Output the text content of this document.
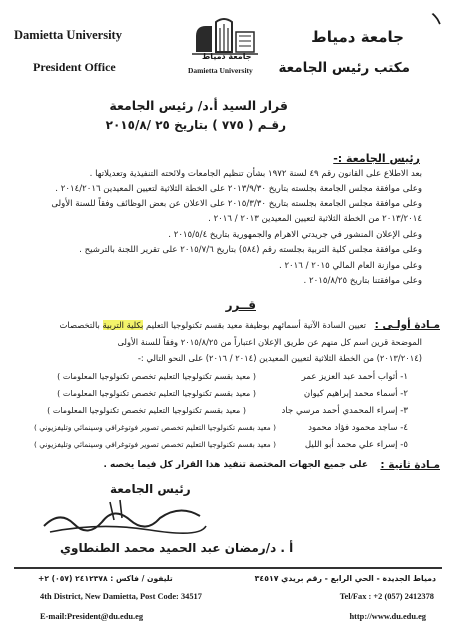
Damietta University
President Office
جامعة دمياط
مكتب رئيس الجامعة
١
جامعة دمياط
Damietta University
قرار السيد أ.د/ رئيس الجامعة
رقـم ( ٧٧٥ ) بتاريخ ٢٥ /٢٠١٥/٨
رئيس الجامعة :-
بعد الاطلاع على القانون رقم ٤٩ لسنة ١٩٧٢ بشأن تنظيم الجامعات ولائحته التنفيذية وتعديلاتها .
وعلى موافقة مجلس الجامعة بجلسته بتاريخ ٢٠١٣/٩/٣٠ على الخطة الثلاثية لتعيين المعيدين ٢٠١٤/٢٠١٦ .
وعلى موافقة مجلس الجامعة بجلسته بتاريخ ٢٠١٥/٣/٣٠ على الاعلان عن بعض الوظائف وفقاً للسنة الأولى
٢٠١٣/٢٠١٤ من الخطة الثلاثية لتعيين المعيدين ٢٠١٣ / ٢٠١٦ .
وعلى الإعلان المنشور في جريدتي الاهرام والجمهورية بتاريخ ٢٠١٥/٥/٤ .
وعلى موافقة مجلس كلية التربية بجلسته رقم (٥٨٤) بتاريخ ٢٠١٥/٧/٦ على تقرير اللجنة بالترشيح .
وعلى موازنة العام المالي ٢٠١٥ / ٢٠١٦ .
وعلى موافقتنا بتاريخ ٢٠١٥/٨/٢٥ .
قــرر
مـادة أولـى :
تعيين السادة الآتية أسمائهم بوظيفة معيد بقسم تكنولوجيا التعليم بكلية التربية بالتخصصات
الموضحة قرين اسم كل منهم عن طريق الإعلان اعتباراً من ٢٠١٥/٨/٢٥ وفقاً للسنة الأولى
(٢٠١٣/٢٠١٤) من الخطة الثلاثية لتعيين المعيدين (٢٠١٤ / ٢٠١٦) على النحو التالي :-
١- أثواب أحمد عبد العزيز عمر
( معيد بقسم تكنولوجيا التعليم تخصص تكنولوجيا المعلومات )
٢- أسماء محمد إبراهيم كيوان
( معيد بقسم تكنولوجيا التعليم تخصص تكنولوجيا المعلومات )
٣- إسراء المحمدي أحمد مرسي جاد
( معيد بقسم تكنولوجيا التعليم تخصص تكنولوجيا المعلومات )
٤- ساجد محمود فؤاد محمود
( معيد بقسم تكنولوجيا التعليم تخصص تصوير فوتوغرافي وسينمائي وتليفزيوني )
٥- إسراء علي محمد أبو الليل
( معيد بقسم تكنولوجيا التعليم تخصص تصوير فوتوغرافي وسينمائي وتليفزيوني )
مـادة ثانية :
على جميع الجهات المختصة تنفيذ هذا القرار كل فيما يخصه .
رئيس الجامعة
أ . د/رمضان عبد الحميد محمد الطنطاوي
دمياط الجديدة - الحي الرابع - رقم بريدي ٣٤٥١٧
تليفون / فاكس : ٢٤١٢٣٧٨ (٠٥٧) ٢+
4th District, New Damietta, Post Code: 34517	Tel/Fax : +2 (057) 2412378
E-mail:President@du.edu.eg	http://www.du.edu.eg
